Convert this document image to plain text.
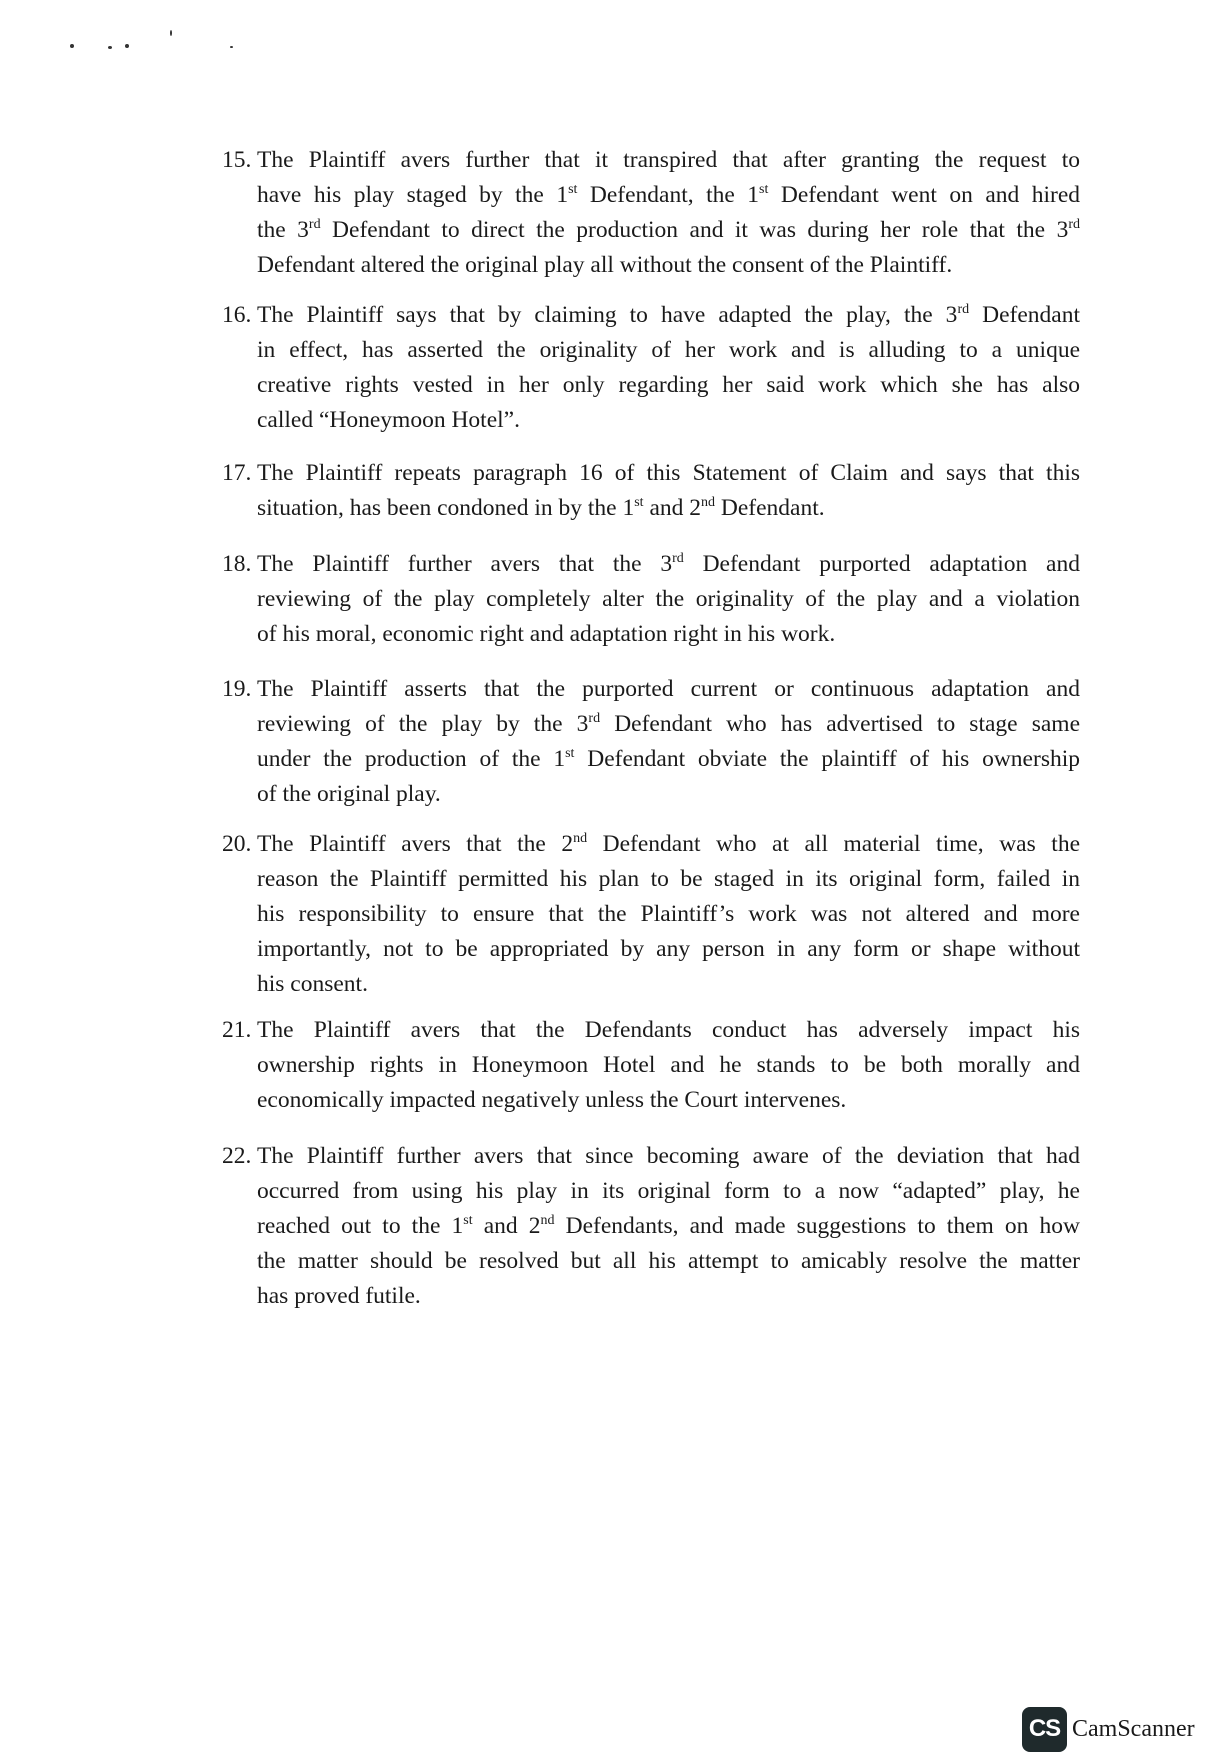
15. The Plaintiff avers further that it transpired that after granting the request to
have his play staged by the 1st Defendant, the 1st Defendant went on and hired
the 3rd Defendant to direct the production and it was during her role that the 3rd
Defendant altered the original play all without the consent of the Plaintiff.
16. The Plaintiff says that by claiming to have adapted the play, the 3rd Defendant
in effect, has asserted the originality of her work and is alluding to a unique
creative rights vested in her only regarding her said work which she has also
called “Honeymoon Hotel”.
17. The Plaintiff repeats paragraph 16 of this Statement of Claim and says that this
situation, has been condoned in by the 1st and 2nd Defendant.
18. The Plaintiff further avers that the 3rd Defendant purported adaptation and
reviewing of the play completely alter the originality of the play and a violation
of his moral, economic right and adaptation right in his work.
19. The Plaintiff asserts that the purported current or continuous adaptation and
reviewing of the play by the 3rd Defendant who has advertised to stage same
under the production of the 1st Defendant obviate the plaintiff of his ownership
of the original play.
20. The Plaintiff avers that the 2nd Defendant who at all material time, was the
reason the Plaintiff permitted his plan to be staged in its original form, failed in
his responsibility to ensure that the Plaintiff’s work was not altered and more
importantly, not to be appropriated by any person in any form or shape without
his consent.
21. The Plaintiff avers that the Defendants conduct has adversely impact his
ownership rights in Honeymoon Hotel and he stands to be both morally and
economically impacted negatively unless the Court intervenes.
22. The Plaintiff further avers that since becoming aware of the deviation that had
occurred from using his play in its original form to a now “adapted” play, he
reached out to the 1st and 2nd Defendants, and made suggestions to them on how
the matter should be resolved but all his attempt to amicably resolve the matter
has proved futile.
CS CamScanner
